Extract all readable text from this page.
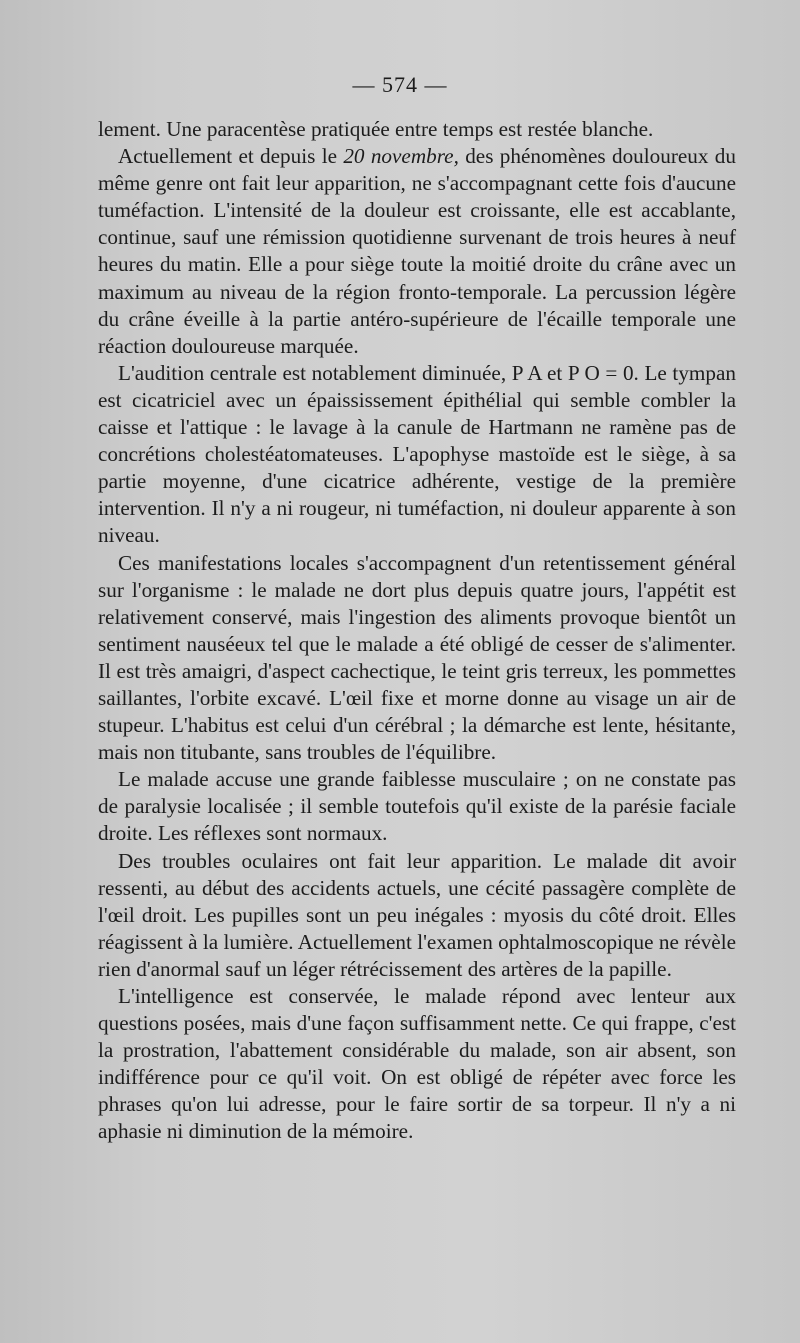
— 574 —

lement. Une paracentèse pratiquée entre temps est restée blanche.

Actuellement et depuis le 20 novembre, des phénomènes douloureux du même genre ont fait leur apparition, ne s'accompagnant cette fois d'aucune tuméfaction. L'intensité de la douleur est croissante, elle est accablante, continue, sauf une rémission quotidienne survenant de trois heures à neuf heures du matin. Elle a pour siège toute la moitié droite du crâne avec un maximum au niveau de la région fronto-temporale. La percussion légère du crâne éveille à la partie antéro-supérieure de l'écaille temporale une réaction douloureuse marquée.

L'audition centrale est notablement diminuée, P A et P O = 0. Le tympan est cicatriciel avec un épaississement épithélial qui semble combler la caisse et l'attique : le lavage à la canule de Hartmann ne ramène pas de concrétions cholestéatomateuses. L'apophyse mastoïde est le siège, à sa partie moyenne, d'une cicatrice adhérente, vestige de la première intervention. Il n'y a ni rougeur, ni tuméfaction, ni douleur apparente à son niveau.

Ces manifestations locales s'accompagnent d'un retentissement général sur l'organisme : le malade ne dort plus depuis quatre jours, l'appétit est relativement conservé, mais l'ingestion des aliments provoque bientôt un sentiment nauséeux tel que le malade a été obligé de cesser de s'alimenter. Il est très amaigri, d'aspect cachectique, le teint gris terreux, les pommettes saillantes, l'orbite excavé. L'œil fixe et morne donne au visage un air de stupeur. L'habitus est celui d'un cérébral ; la démarche est lente, hésitante, mais non titubante, sans troubles de l'équilibre.

Le malade accuse une grande faiblesse musculaire ; on ne constate pas de paralysie localisée ; il semble toutefois qu'il existe de la parésie faciale droite. Les réflexes sont normaux.

Des troubles oculaires ont fait leur apparition. Le malade dit avoir ressenti, au début des accidents actuels, une cécité passagère complète de l'œil droit. Les pupilles sont un peu inégales : myosis du côté droit. Elles réagissent à la lumière. Actuellement l'examen ophtalmoscopique ne révèle rien d'anormal sauf un léger rétrécissement des artères de la papille.

L'intelligence est conservée, le malade répond avec lenteur aux questions posées, mais d'une façon suffisamment nette. Ce qui frappe, c'est la prostration, l'abattement considérable du malade, son air absent, son indifférence pour ce qu'il voit. On est obligé de répéter avec force les phrases qu'on lui adresse, pour le faire sortir de sa torpeur. Il n'y a ni aphasie ni diminution de la mémoire.
